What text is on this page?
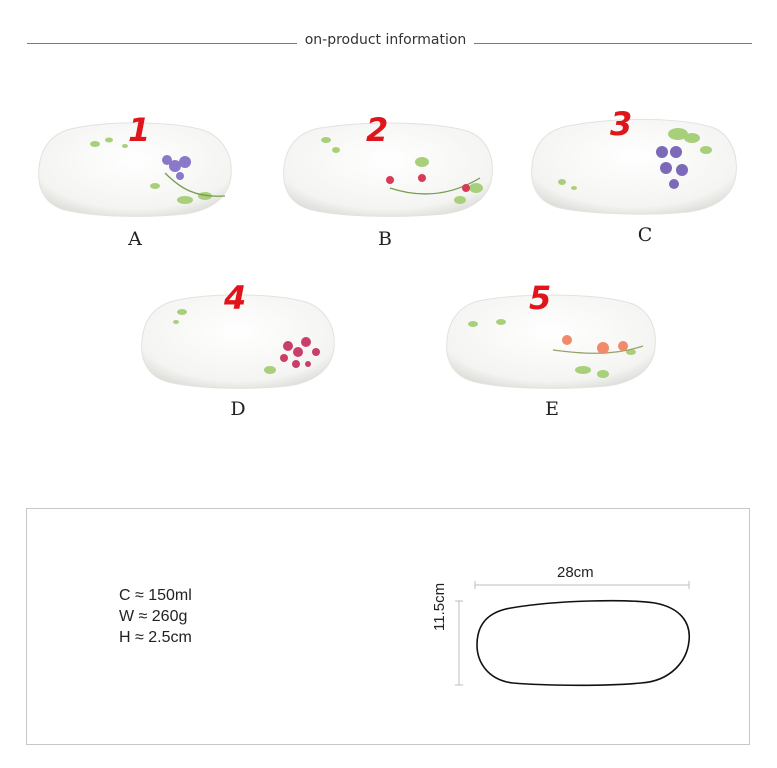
on-product information
1
A
2
B
3
C
4
D
5
E
C ≈ 150ml
W ≈ 260g
H ≈ 2.5cm
28cm
11.5cm
